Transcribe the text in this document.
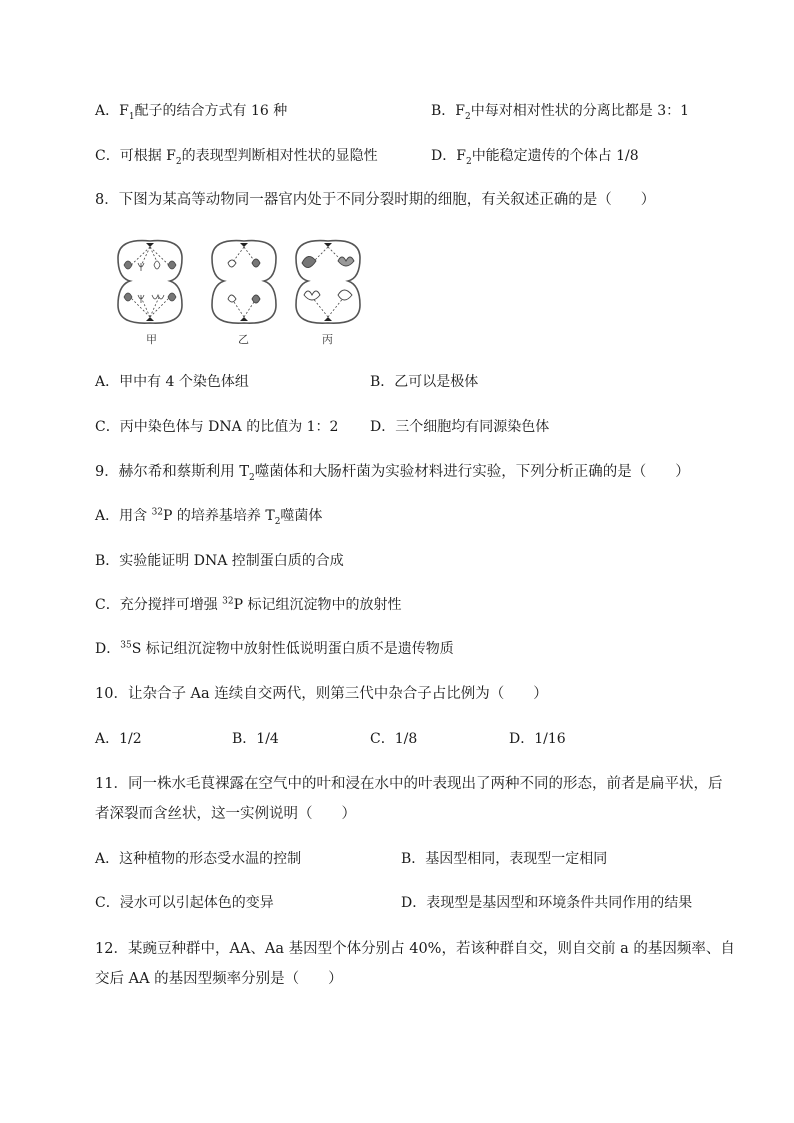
A．$F_1$配子的结合方式有 16 种	B．$F_2$中每对相对性状的分离比都是 3：1
C．可根据 $F_2$的表现型判断相对性状的显隐性	D．$F_2$中能稳定遗传的个体占 1/8
8．下图为某高等动物同一器官内处于不同分裂时期的细胞，有关叙述正确的是（　　）
甲	乙	丙
A．甲中有 4 个染色体组	B．乙可以是极体
C．丙中染色体与 DNA 的比值为 1：2 D．三个细胞均有同源染色体
9．赫尔希和蔡斯利用 $T_2$噬菌体和大肠杆菌为实验材料进行实验，下列分析正确的是（　　）
A．用含 $^{32}$P 的培养基培养 $T_2$噬菌体
B．实验能证明 DNA 控制蛋白质的合成
C．充分搅拌可增强 $^{32}$P 标记组沉淀物中的放射性
D．$^{35}$S 标记组沉淀物中放射性低说明蛋白质不是遗传物质
10．让杂合子 Aa 连续自交两代，则第三代中杂合子占比例为（　　）
A．1/2	B．1/4	C．1/8	D．1/16
11．同一株水毛茛裸露在空气中的叶和浸在水中的叶表现出了两种不同的形态，前者是扁平状，后
者深裂而含丝状，这一实例说明（　　）
A．这种植物的形态受水温的控制	B．基因型相同，表现型一定相同
C．浸水可以引起体色的变异	D．表现型是基因型和环境条件共同作用的结果
12．某豌豆种群中，AA、Aa 基因型个体分别占 40%，若该种群自交，则自交前 a 的基因频率、自
交后 AA 的基因型频率分别是（　　）
